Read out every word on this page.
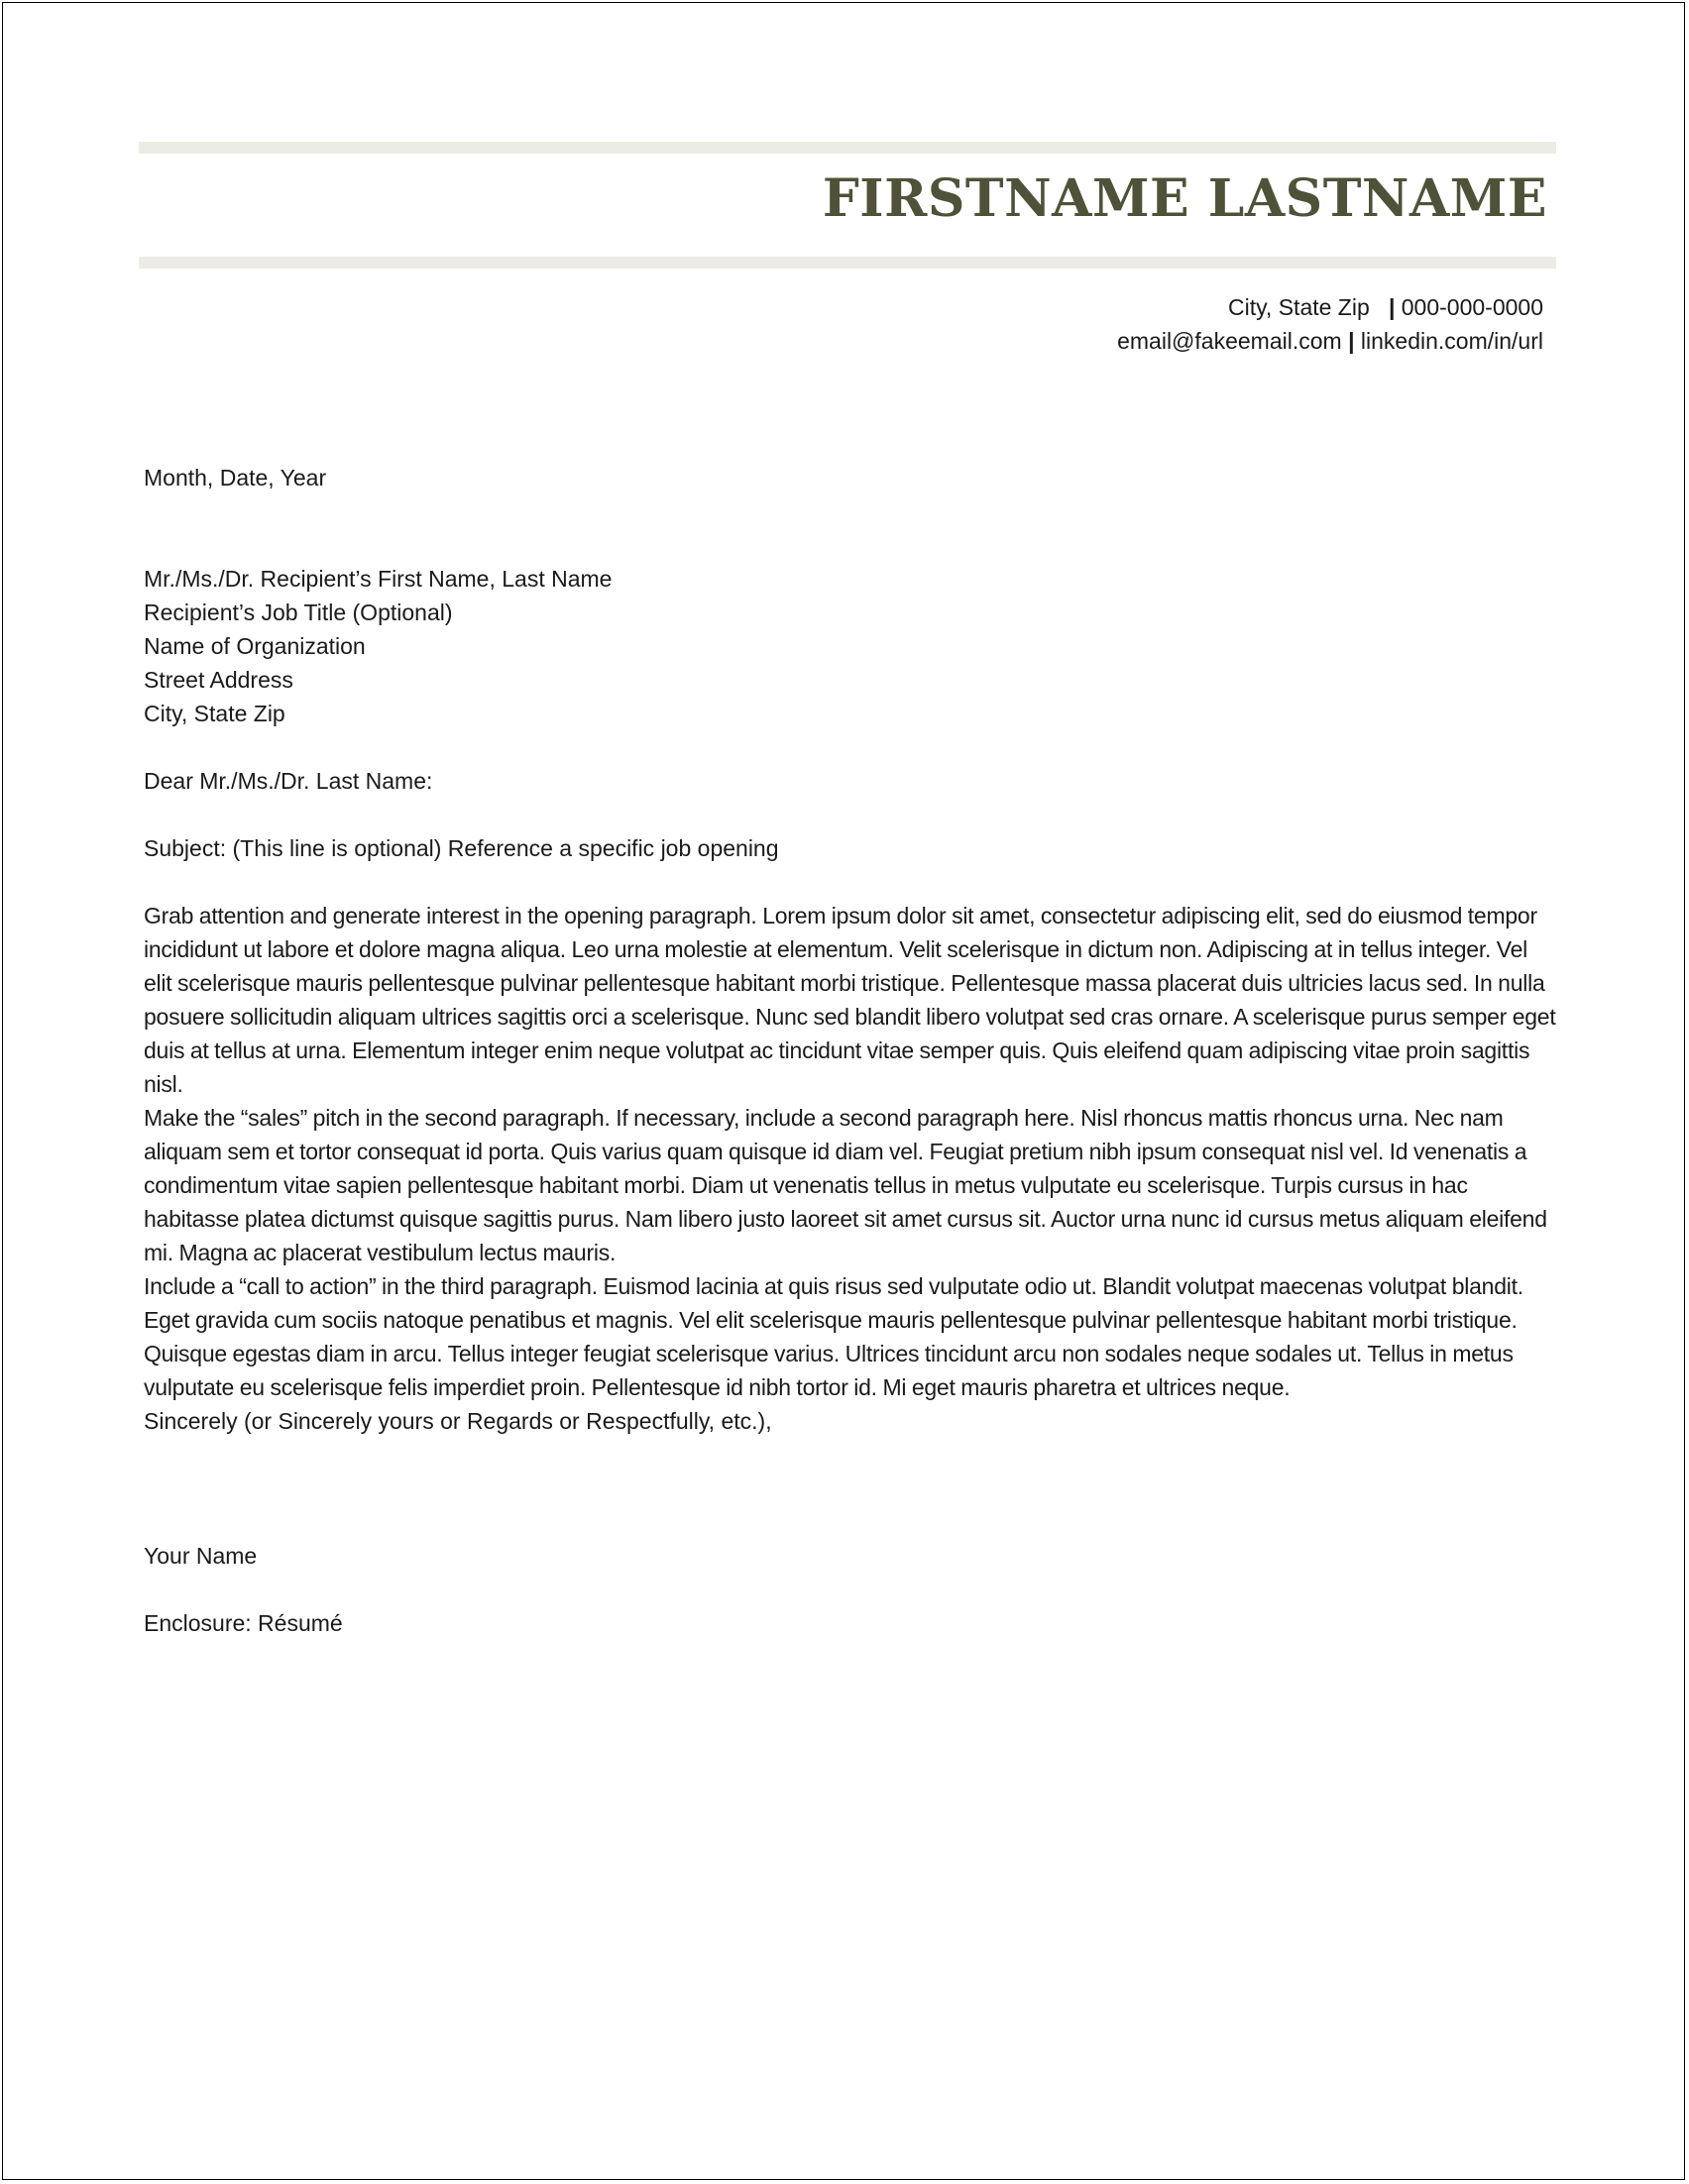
FIRSTNAME LASTNAME
City, State Zip | 000-000-0000
email@fakeemail.com | linkedin.com/in/url

Month, Date, Year

Mr./Ms./Dr. Recipient’s First Name, Last Name

Recipient’s Job Title (Optional)

Name of Organization

Street Address

City, State Zip

Dear Mr./Ms./Dr. Last Name:

Subject: (This line is optional) Reference a specific job opening

Grab attention and generate interest in the opening paragraph. Lorem ipsum dolor sit amet, consectetur adipiscing elit, sed do eiusmod tempor incididunt ut labore et dolore magna aliqua. Leo urna molestie at elementum. Velit scelerisque in dictum non. Adipiscing at in tellus integer. Vel elit scelerisque mauris pellentesque pulvinar pellentesque habitant morbi tristique. Pellentesque massa placerat duis ultricies lacus sed. In nulla posuere sollicitudin aliquam ultrices sagittis orci a scelerisque. Nunc sed blandit libero volutpat sed cras ornare. A scelerisque purus semper eget duis at tellus at urna. Elementum integer enim neque volutpat ac tincidunt vitae semper quis. Quis eleifend quam adipiscing vitae proin sagittis nisl.

Make the “sales” pitch in the second paragraph. If necessary, include a second paragraph here. Nisl rhoncus mattis rhoncus urna. Nec nam aliquam sem et tortor consequat id porta. Quis varius quam quisque id diam vel. Feugiat pretium nibh ipsum consequat nisl vel. Id venenatis a condimentum vitae sapien pellentesque habitant morbi. Diam ut venenatis tellus in metus vulputate eu scelerisque. Turpis cursus in hac habitasse platea dictumst quisque sagittis purus. Nam libero justo laoreet sit amet cursus sit. Auctor urna nunc id cursus metus aliquam eleifend mi. Magna ac placerat vestibulum lectus mauris.

Include a “call to action” in the third paragraph. Euismod lacinia at quis risus sed vulputate odio ut. Blandit volutpat maecenas volutpat blandit. Eget gravida cum sociis natoque penatibus et magnis. Vel elit scelerisque mauris pellentesque pulvinar pellentesque habitant morbi tristique. Quisque egestas diam in arcu. Tellus integer feugiat scelerisque varius. Ultrices tincidunt arcu non sodales neque sodales ut. Tellus in metus vulputate eu scelerisque felis imperdiet proin. Pellentesque id nibh tortor id. Mi eget mauris pharetra et ultrices neque.

Sincerely (or Sincerely yours or Regards or Respectfully, etc.),

Your Name

Enclosure: Résumé
